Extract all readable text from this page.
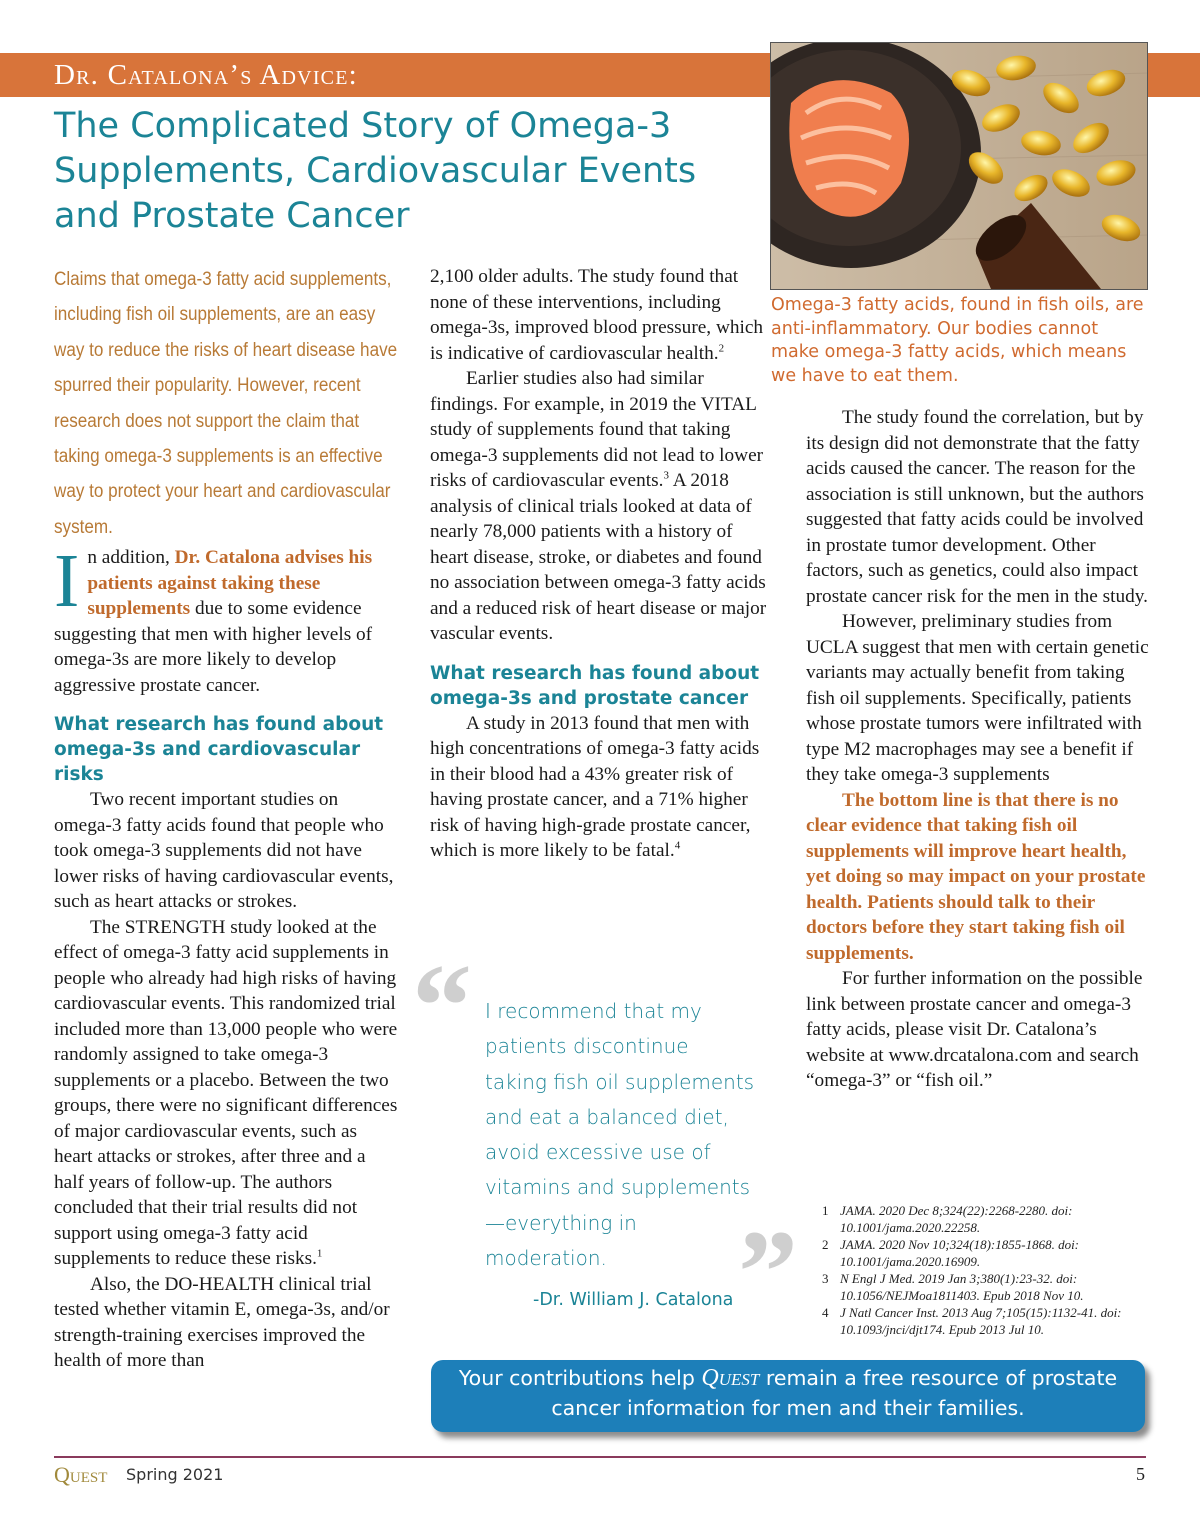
Dr. Catalona’s Advice:
The Complicated Story of Omega-3 Supplements, Cardiovascular Events and Prostate Cancer
Omega-3 fatty acids, found in fish oils, are anti-inflammatory. Our bodies cannot make omega-3 fatty acids, which means we have to eat them.

Claims that omega-3 fatty acid supplements, including fish oil supplements, are an easy way to reduce the risks of heart disease have spurred their popularity. However, recent research does not support the claim that taking omega-3 supplements is an effective way to protect your heart and cardiovascular system.

In addition, Dr. Catalona advises his patients against taking these supplements due to some evidence suggesting that men with higher levels of omega-3s are more likely to develop aggressive prostate cancer.

What research has found about omega-3s and cardiovascular risks

Two recent important studies on omega-3 fatty acids found that people who took omega-3 supplements did not have lower risks of having cardiovascular events, such as heart attacks or strokes.

The STRENGTH study looked at the effect of omega-3 fatty acid supplements in people who already had high risks of having cardiovascular events. This randomized trial included more than 13,000 people who were randomly assigned to take omega-3 supplements or a placebo. Between the two groups, there were no significant differences of major cardiovascular events, such as heart attacks or strokes, after three and a half years of follow-up. The authors concluded that their trial results did not support using omega-3 fatty acid supplements to reduce these risks.$^1$

Also, the DO-HEALTH clinical trial tested whether vitamin E, omega-3s, and/or strength-training exercises improved the health of more than

2,100 older adults. The study found that none of these interventions, including omega-3s, improved blood pressure, which is indicative of cardiovascular health.$^2$

Earlier studies also had similar findings. For example, in 2019 the VITAL study of supplements found that taking omega-3 supplements did not lead to lower risks of cardiovascular events.$^3$ A 2018 analysis of clinical trials looked at data of nearly 78,000 patients with a history of heart disease, stroke, or diabetes and found no association between omega-3 fatty acids and a reduced risk of heart disease or major vascular events.

What research has found about omega-3s and prostate cancer

A study in 2013 found that men with high concentrations of omega-3 fatty acids in their blood had a 43% greater risk of having prostate cancer, and a 71% higher risk of having high-grade prostate cancer, which is more likely to be fatal.$^4$

“ I recommend that my patients discontinue taking fish oil supplements and eat a balanced diet, avoid excessive use of vitamins and supplements—everything in moderation.	”
-Dr. William J. Catalona

The study found the correlation, but by its design did not demonstrate that the fatty acids caused the cancer. The reason for the association is still unknown, but the authors suggested that fatty acids could be involved in prostate tumor development. Other factors, such as genetics, could also impact prostate cancer risk for the men in the study.

However, preliminary studies from UCLA suggest that men with certain genetic variants may actually benefit from taking fish oil supplements. Specifically, patients whose prostate tumors were infiltrated with type M2 macrophages may see a benefit if they take omega-3 supplements

The bottom line is that there is no clear evidence that taking fish oil supplements will improve heart health, yet doing so may impact on your prostate health. Patients should talk to their doctors before they start taking fish oil supplements.

For further information on the possible link between prostate cancer and omega-3 fatty acids, please visit Dr. Catalona’s website at www.drcatalona.com and search “omega-3” or “fish oil.”

1 JAMA. 2020 Dec 8;324(22):2268-2280. doi: 10.1001/jama.2020.22258.
2 JAMA. 2020 Nov 10;324(18):1855-1868. doi: 10.1001/jama.2020.16909.
3 N Engl J Med. 2019 Jan 3;380(1):23-32. doi: 10.1056/NEJMoa1811403. Epub 2018 Nov 10.
4 J Natl Cancer Inst. 2013 Aug 7;105(15):1132-41. doi: 10.1093/jnci/djt174. Epub 2013 Jul 10.
Your contributions help Quest remain a free resource of prostate cancer information for men and their families.
Quest Spring 2021	5
